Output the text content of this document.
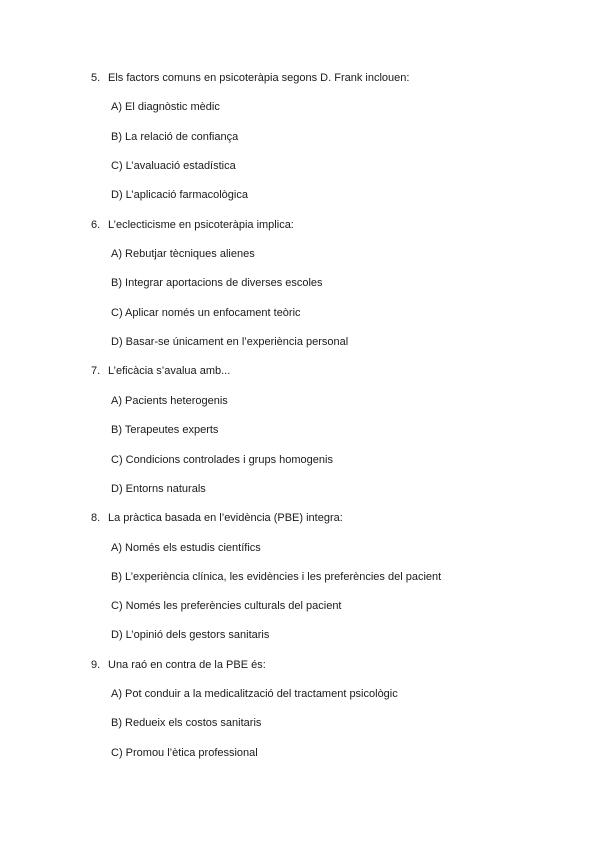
5. Els factors comuns en psicoteràpia segons D. Frank inclouen:
A) El diagnòstic mèdic
B) La relació de confiança
C) L’avaluació estadística
D) L’aplicació farmacològica
6. L’eclecticisme en psicoteràpia implica:
A) Rebutjar tècniques alienes
B) Integrar aportacions de diverses escoles
C) Aplicar només un enfocament teòric
D) Basar-se únicament en l’experiència personal
7. L’eficàcia s’avalua amb...
A) Pacients heterogenis
B) Terapeutes experts
C) Condicions controlades i grups homogenis
D) Entorns naturals
8. La pràctica basada en l’evidència (PBE) integra:
A) Només els estudis científics
B) L’experiència clínica, les evidències i les preferències del pacient
C) Només les preferències culturals del pacient
D) L’opinió dels gestors sanitaris
9. Una raó en contra de la PBE és:
A) Pot conduir a la medicalització del tractament psicològic
B) Redueix els costos sanitaris
C) Promou l’ètica professional
